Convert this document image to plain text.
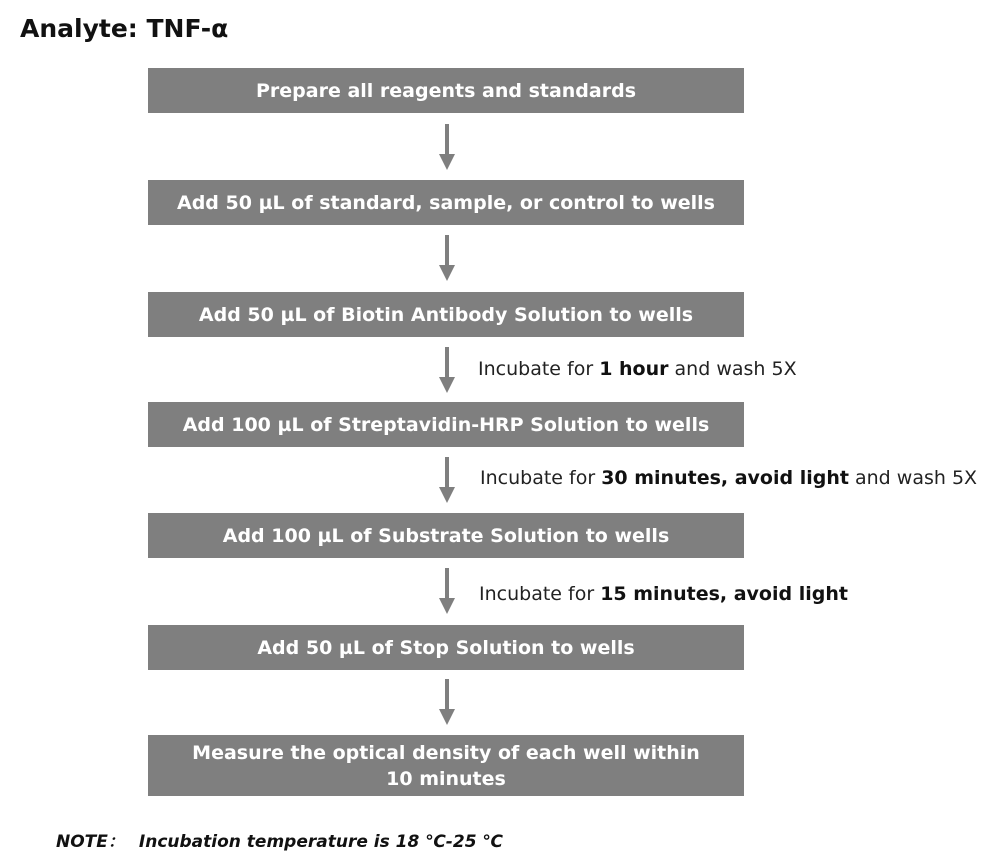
Analyte: TNF-α
Prepare all reagents and standards
Add 50 µL of standard, sample, or control to wells
Add 50 µL of Biotin Antibody Solution to wells
Incubate for 1 hour and wash 5X
Add 100 µL of Streptavidin-HRP Solution to wells
Incubate for 30 minutes, avoid light and wash 5X
Add 100 µL of Substrate Solution to wells
Incubate for 15 minutes, avoid light
Add 50 µL of Stop Solution to wells
Measure the optical density of each well within 10 minutes
NOTE： Incubation temperature is 18 ℃-25 ℃
